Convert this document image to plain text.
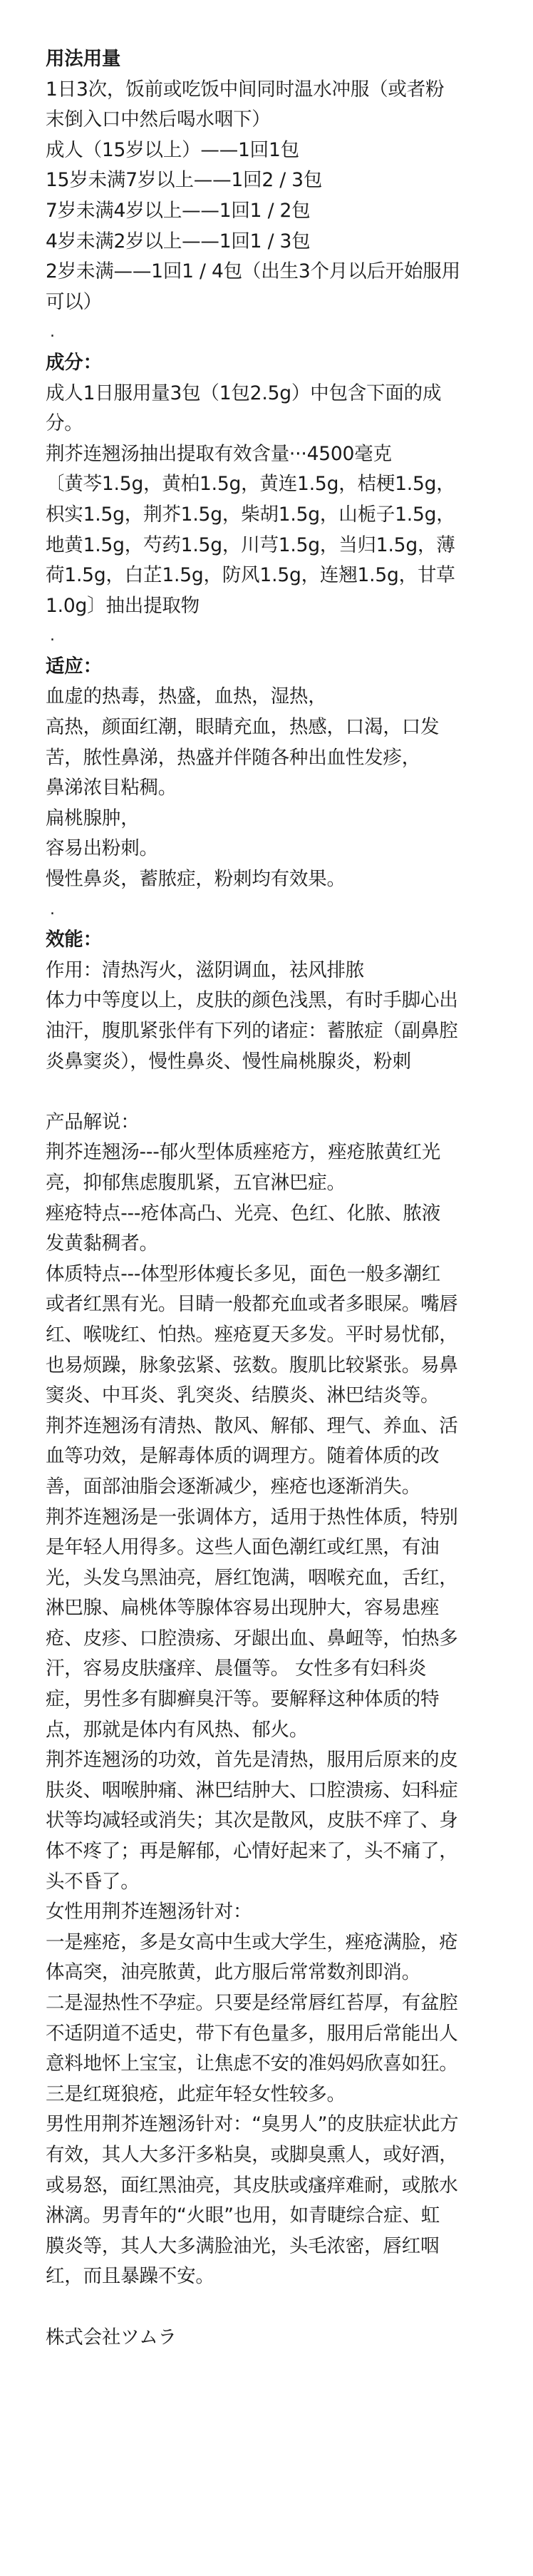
用法用量
1日3次，饭前或吃饭中间同时温水冲服（或者粉
末倒入口中然后喝水咽下）
成人（15岁以上）——1回1包
15岁未满7岁以上——1回2 / 3包
7岁未满4岁以上——1回1 / 2包
4岁未满2岁以上——1回1 / 3包
2岁未满——1回1 / 4包（出生3个月以后开始服用
可以）
.
成分：
成人1日服用量3包（1包2.5g）中包含下面的成
分。
荆芥连翘汤抽出提取有效含量···4500毫克
〔黄芩1.5g，黄柏1.5g，黄连1.5g，桔梗1.5g，
枳实1.5g，荆芥1.5g，柴胡1.5g，山栀子1.5g，
地黄1.5g，芍药1.5g，川芎1.5g，当归1.5g，薄
荷1.5g，白芷1.5g，防风1.5g，连翘1.5g，甘草
1.0g〕抽出提取物
.
适应：
血虚的热毒，热盛，血热，湿热，
高热，颜面红潮，眼睛充血，热感，口渴，口发
苦，脓性鼻涕，热盛并伴随各种出血性发疹，
鼻涕浓目粘稠。
扁桃腺肿，
容易出粉刺。
慢性鼻炎，蓄脓症，粉刺均有效果。
.
效能：
作用：清热泻火，滋阴调血，祛风排脓
体力中等度以上，皮肤的颜色浅黑，有时手脚心出
油汗，腹肌紧张伴有下列的诸症：蓄脓症（副鼻腔
炎鼻窦炎），慢性鼻炎、慢性扁桃腺炎，粉刺
产品解说：
荆芥连翘汤---郁火型体质痤疮方，痤疮脓黄红光
亮，抑郁焦虑腹肌紧，五官淋巴症。
痤疮特点---疮体高凸、光亮、色红、化脓、脓液
发黄黏稠者。
体质特点---体型形体瘦长多见，面色一般多潮红
或者红黑有光。目睛一般都充血或者多眼屎。嘴唇
红、喉咙红、怕热。痤疮夏天多发。平时易忧郁，
也易烦躁，脉象弦紧、弦数。腹肌比较紧张。易鼻
窦炎、中耳炎、乳突炎、结膜炎、淋巴结炎等。
荆芥连翘汤有清热、散风、解郁、理气、养血、活
血等功效，是解毒体质的调理方。随着体质的改
善，面部油脂会逐渐减少，痤疮也逐渐消失。
荆芥连翘汤是一张调体方，适用于热性体质，特别
是年轻人用得多。这些人面色潮红或红黑，有油
光，头发乌黑油亮，唇红饱满，咽喉充血，舌红，
淋巴腺、扁桃体等腺体容易出现肿大，容易患痤
疮、皮疹、口腔溃疡、牙龈出血、鼻衄等，怕热多
汗，容易皮肤瘙痒、晨僵等。 女性多有妇科炎
症，男性多有脚癣臭汗等。要解释这种体质的特
点，那就是体内有风热、郁火。
荆芥连翘汤的功效，首先是清热，服用后原来的皮
肤炎、咽喉肿痛、淋巴结肿大、口腔溃疡、妇科症
状等均减轻或消失；其次是散风，皮肤不痒了、身
体不疼了；再是解郁，心情好起来了，头不痛了，
头不昏了。
女性用荆芥连翘汤针对：
一是痤疮，多是女高中生或大学生，痤疮满脸，疮
体高突，油亮脓黄，此方服后常常数剂即消。
二是湿热性不孕症。只要是经常唇红苔厚，有盆腔
不适阴道不适史，带下有色量多，服用后常能出人
意料地怀上宝宝，让焦虑不安的准妈妈欣喜如狂。
三是红斑狼疮，此症年轻女性较多。
男性用荆芥连翘汤针对：“臭男人”的皮肤症状此方
有效，其人大多汗多粘臭，或脚臭熏人，或好酒，
或易怒，面红黑油亮，其皮肤或瘙痒难耐，或脓水
淋漓。男青年的“火眼”也用，如青睫综合症、虹
膜炎等，其人大多满脸油光，头毛浓密，唇红咽
红，而且暴躁不安。
株式会社ツムラ
